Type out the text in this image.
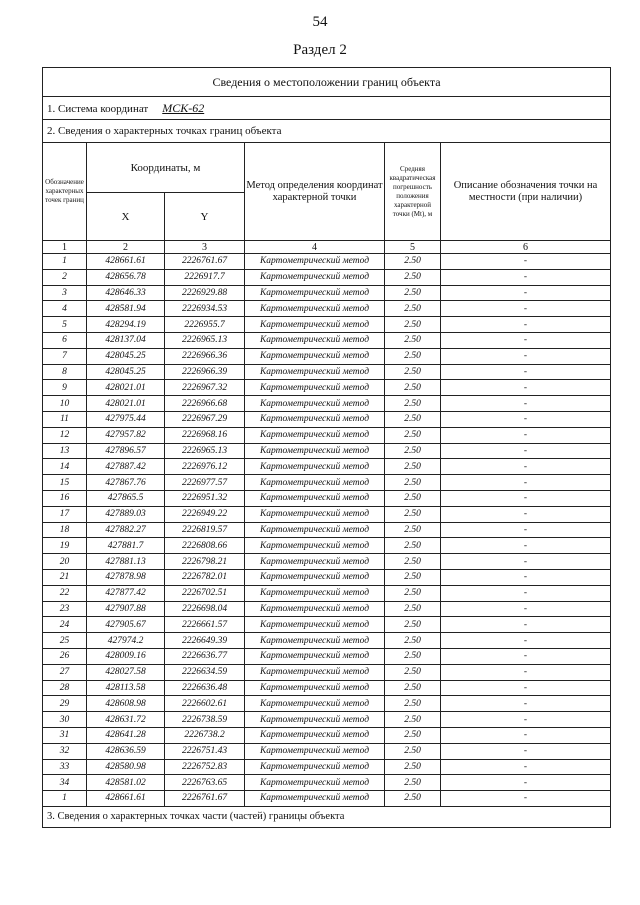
54
Раздел 2
Сведения о местоположении границ объекта					
1. Система координат МСК-62					
2. Сведения о характерных точках границ объекта					
Обозначение характерных точек границ	Координаты, м		Метод определения координат характерной точки	Средняя квадратическая погрешность положения характерной точки (Мt), м	Описание обозначения точки на местности (при наличии)
	X	Y			
1	2	3	4	5	6
1	428661.61	2226761.67	Картометрический метод	2.50	-
2	428656.78	2226917.7	Картометрический метод	2.50	-
3	428646.33	2226929.88	Картометрический метод	2.50	-
4	428581.94	2226934.53	Картометрический метод	2.50	-
5	428294.19	2226955.7	Картометрический метод	2.50	-
6	428137.04	2226965.13	Картометрический метод	2.50	-
7	428045.25	2226966.36	Картометрический метод	2.50	-
8	428045.25	2226966.39	Картометрический метод	2.50	-
9	428021.01	2226967.32	Картометрический метод	2.50	-
10	428021.01	2226966.68	Картометрический метод	2.50	-
11	427975.44	2226967.29	Картометрический метод	2.50	-
12	427957.82	2226968.16	Картометрический метод	2.50	-
13	427896.57	2226965.13	Картометрический метод	2.50	-
14	427887.42	2226976.12	Картометрический метод	2.50	-
15	427867.76	2226977.57	Картометрический метод	2.50	-
16	427865.5	2226951.32	Картометрический метод	2.50	-
17	427889.03	2226949.22	Картометрический метод	2.50	-
18	427882.27	2226819.57	Картометрический метод	2.50	-
19	427881.7	2226808.66	Картометрический метод	2.50	-
20	427881.13	2226798.21	Картометрический метод	2.50	-
21	427878.98	2226782.01	Картометрический метод	2.50	-
22	427877.42	2226702.51	Картометрический метод	2.50	-
23	427907.88	2226698.04	Картометрический метод	2.50	-
24	427905.67	2226661.57	Картометрический метод	2.50	-
25	427974.2	2226649.39	Картометрический метод	2.50	-
26	428009.16	2226636.77	Картометрический метод	2.50	-
27	428027.58	2226634.59	Картометрический метод	2.50	-
28	428113.58	2226636.48	Картометрический метод	2.50	-
29	428608.98	2226602.61	Картометрический метод	2.50	-
30	428631.72	2226738.59	Картометрический метод	2.50	-
31	428641.28	2226738.2	Картометрический метод	2.50	-
32	428636.59	2226751.43	Картометрический метод	2.50	-
33	428580.98	2226752.83	Картометрический метод	2.50	-
34	428581.02	2226763.65	Картометрический метод	2.50	-
1	428661.61	2226761.67	Картометрический метод	2.50	-
3. Сведения о характерных точках части (частей) границы объекта					
